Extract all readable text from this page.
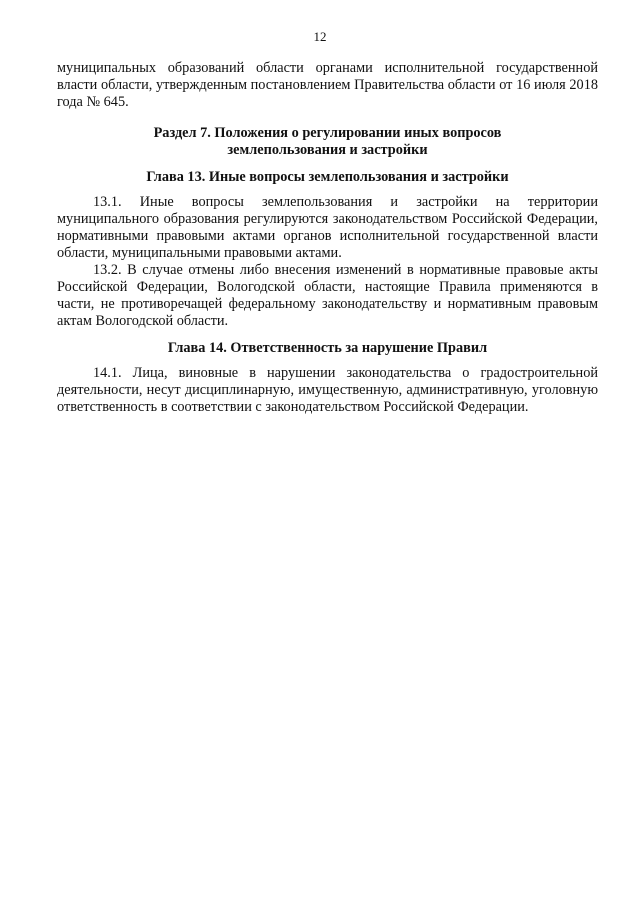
12

муниципальных образований области органами исполнительной государственной власти области, утвержденным постановлением Правительства области от 16 июля 2018 года № 645.

Раздел 7. Положения о регулировании иных вопросов

землепользования и застройки

Глава 13. Иные вопросы землепользования и застройки

13.1. Иные вопросы землепользования и застройки на территории муниципального образования регулируются законодательством Российской Федерации, нормативными правовыми актами органов исполнительной государственной власти области, муниципальными правовыми актами.

13.2. В случае отмены либо внесения изменений в нормативные правовые акты Российской Федерации, Вологодской области, настоящие Правила применяются в части, не противоречащей федеральному законодательству и нормативным правовым актам Вологодской области.

Глава 14. Ответственность за нарушение Правил

14.1. Лица, виновные в нарушении законодательства о градостроительной деятельности, несут дисциплинарную, имущественную, административную, уголовную ответственность в соответствии с законодательством Российской Федерации.
